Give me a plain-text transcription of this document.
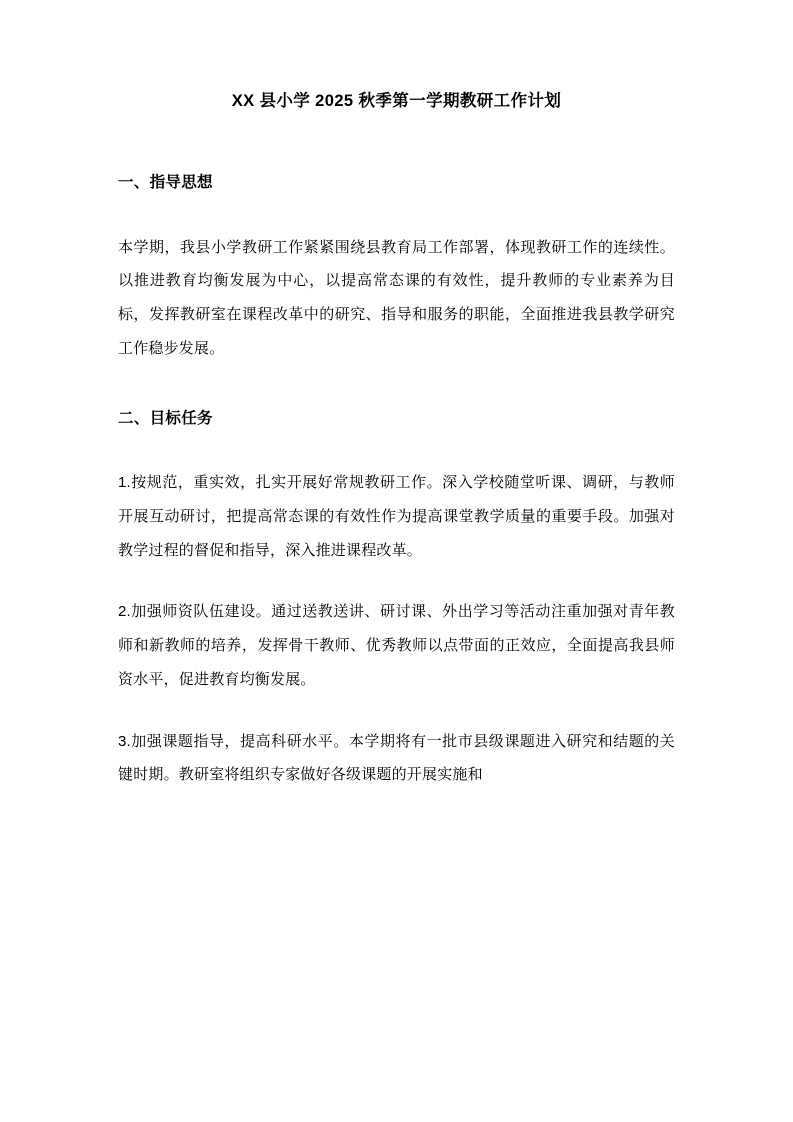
XX 县小学 2025 秋季第一学期教研工作计划
一、指导思想

本学期，我县小学教研工作紧紧围绕县教育局工作部署，体现教研工作的连续性。以推进教育均衡发展为中心，以提高常态课的有效性，提升教师的专业素养为目标，发挥教研室在课程改革中的研究、指导和服务的职能，全面推进我县教学研究工作稳步发展。

二、目标任务

1.按规范，重实效，扎实开展好常规教研工作。深入学校随堂听课、调研，与教师开展互动研讨，把提高常态课的有效性作为提高课堂教学质量的重要手段。加强对教学过程的督促和指导，深入推进课程改革。

2.加强师资队伍建设。通过送教送讲、研讨课、外出学习等活动注重加强对青年教师和新教师的培养，发挥骨干教师、优秀教师以点带面的正效应，全面提高我县师资水平，促进教育均衡发展。

3.加强课题指导，提高科研水平。本学期将有一批市县级课题进入研究和结题的关键时期。教研室将组织专家做好各级课题的开展实施和
